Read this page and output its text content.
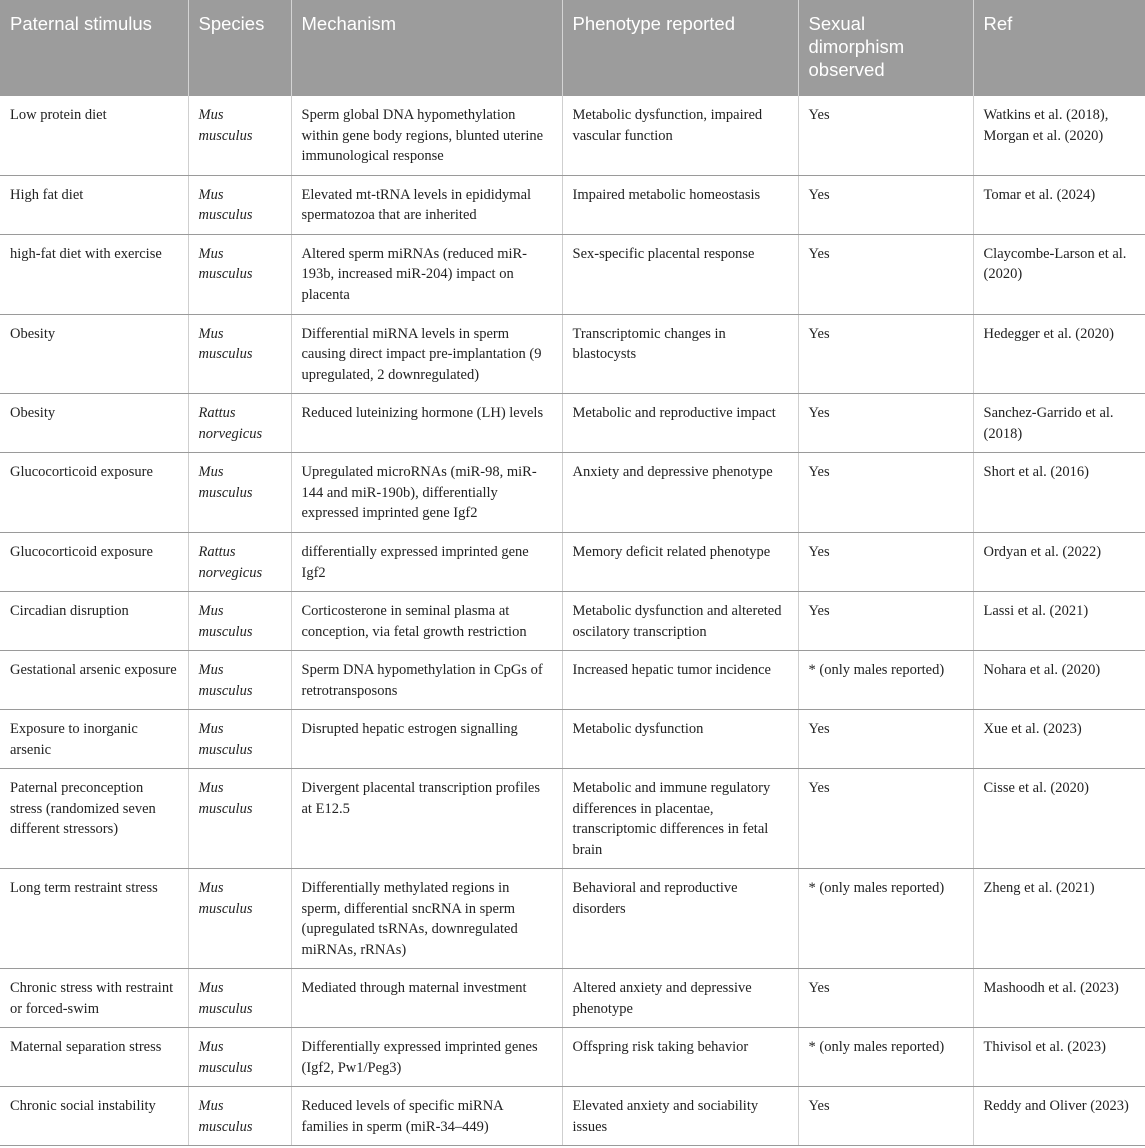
Paternal stimulus	Species	Mechanism	Phenotype reported	Sexual dimorphism observed	Ref
Low protein diet	Mus musculus	Sperm global DNA hypomethylation within gene body regions, blunted uterine immunological response	Metabolic dysfunction, impaired vascular function	Yes	Watkins et al. (2018), Morgan et al. (2020)
High fat diet	Mus musculus	Elevated mt-tRNA levels in epididymal spermatozoa that are inherited	Impaired metabolic homeostasis	Yes	Tomar et al. (2024)
high-fat diet with exercise	Mus musculus	Altered sperm miRNAs (reduced miR-193b, increased miR-204) impact on placenta	Sex-specific placental response	Yes	Claycombe-Larson et al. (2020)
Obesity	Mus musculus	Differential miRNA levels in sperm causing direct impact pre-implantation (9 upregulated, 2 downregulated)	Transcriptomic changes in blastocysts	Yes	Hedegger et al. (2020)
Obesity	Rattus norvegicus	Reduced luteinizing hormone (LH) levels	Metabolic and reproductive impact	Yes	Sanchez-Garrido et al. (2018)
Glucocorticoid exposure	Mus musculus	Upregulated microRNAs (miR-98, miR-144 and miR-190b), differentially expressed imprinted gene Igf2	Anxiety and depressive phenotype	Yes	Short et al. (2016)
Glucocorticoid exposure	Rattus norvegicus	differentially expressed imprinted gene Igf2	Memory deficit related phenotype	Yes	Ordyan et al. (2022)
Circadian disruption	Mus musculus	Corticosterone in seminal plasma at conception, via fetal growth restriction	Metabolic dysfunction and altereted oscilatory transcription	Yes	Lassi et al. (2021)
Gestational arsenic exposure	Mus musculus	Sperm DNA hypomethylation in CpGs of retrotransposons	Increased hepatic tumor incidence	* (only males reported)	Nohara et al. (2020)
Exposure to inorganic arsenic	Mus musculus	Disrupted hepatic estrogen signalling	Metabolic dysfunction	Yes	Xue et al. (2023)
Paternal preconception stress (randomized seven different stressors)	Mus musculus	Divergent placental transcription profiles at E12.5	Metabolic and immune regulatory differences in placentae, transcriptomic differences in fetal brain	Yes	Cisse et al. (2020)
Long term restraint stress	Mus musculus	Differentially methylated regions in sperm, differential sncRNA in sperm (upregulated tsRNAs, downregulated miRNAs, rRNAs)	Behavioral and reproductive disorders	* (only males reported)	Zheng et al. (2021)
Chronic stress with restraint or forced-swim	Mus musculus	Mediated through maternal investment	Altered anxiety and depressive phenotype	Yes	Mashoodh et al. (2023)
Maternal separation stress	Mus musculus	Differentially expressed imprinted genes (Igf2, Pw1/Peg3)	Offspring risk taking behavior	* (only males reported)	Thivisol et al. (2023)
Chronic social instability	Mus musculus	Reduced levels of specific miRNA families in sperm (miR-34–449)	Elevated anxiety and sociability issues	Yes	Reddy and Oliver (2023)
